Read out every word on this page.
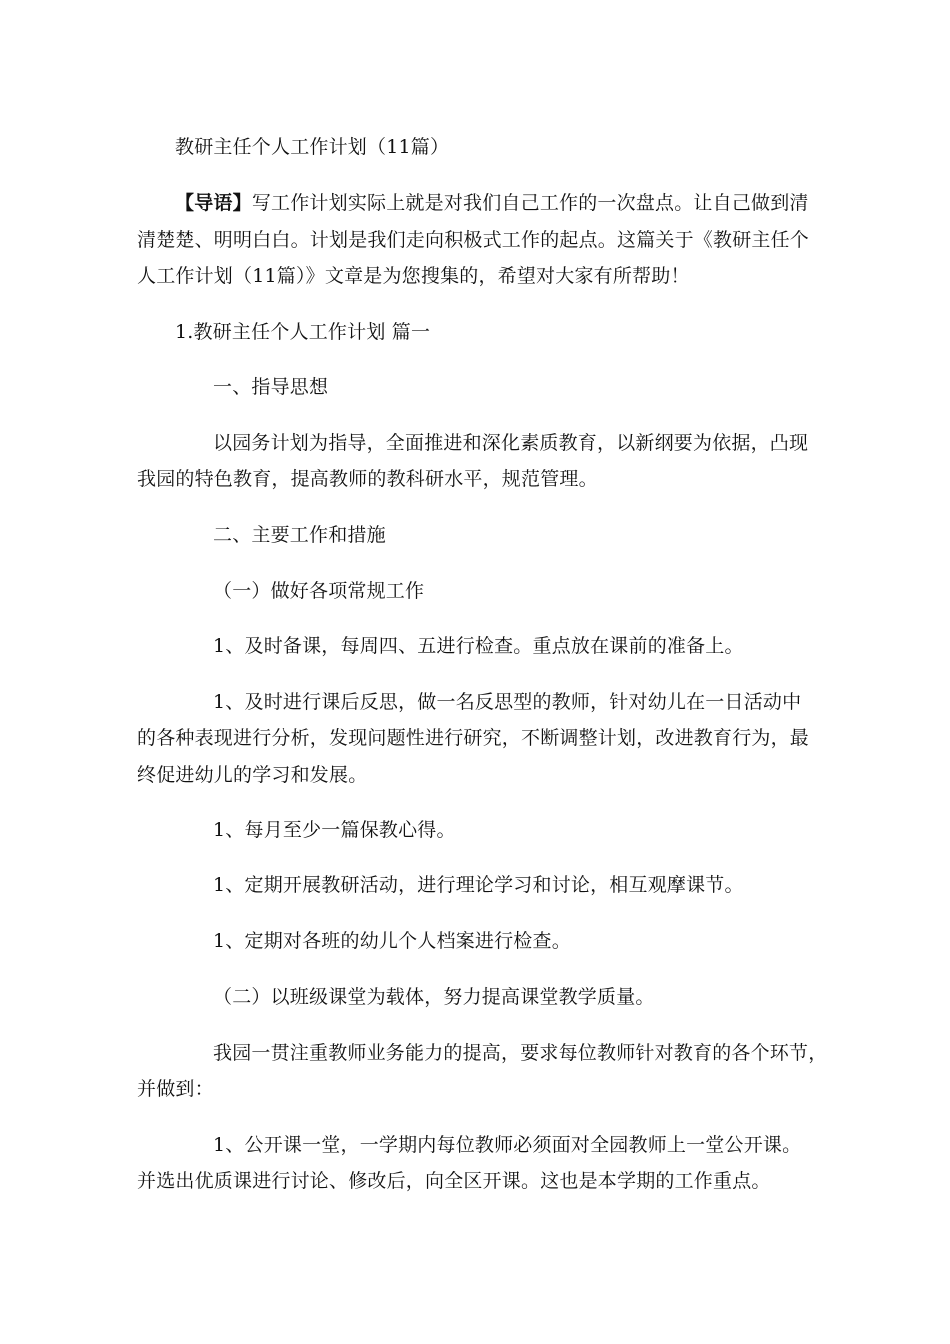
教研主任个人工作计划（11篇）
【导语】写工作计划实际上就是对我们自己工作的一次盘点。让自己做到清
清楚楚、明明白白。计划是我们走向积极式工作的起点。这篇关于《教研主任个
人工作计划（11篇）》文章是为您搜集的，希望对大家有所帮助！
1.教研主任个人工作计划 篇一
一、指导思想
以园务计划为指导，全面推进和深化素质教育，以新纲要为依据，凸现
我园的特色教育，提高教师的教科研水平，规范管理。
二、主要工作和措施
（一）做好各项常规工作
1、及时备课，每周四、五进行检查。重点放在课前的准备上。
1、及时进行课后反思，做一名反思型的教师，针对幼儿在一日活动中
的各种表现进行分析，发现问题性进行研究，不断调整计划，改进教育行为，最
终促进幼儿的学习和发展。
1、每月至少一篇保教心得。
1、定期开展教研活动，进行理论学习和讨论，相互观摩课节。
1、定期对各班的幼儿个人档案进行检查。
（二）以班级课堂为载体，努力提高课堂教学质量。
我园一贯注重教师业务能力的提高，要求每位教师针对教育的各个环节，
并做到：
1、公开课一堂，一学期内每位教师必须面对全园教师上一堂公开课。
并选出优质课进行讨论、修改后，向全区开课。这也是本学期的工作重点。
